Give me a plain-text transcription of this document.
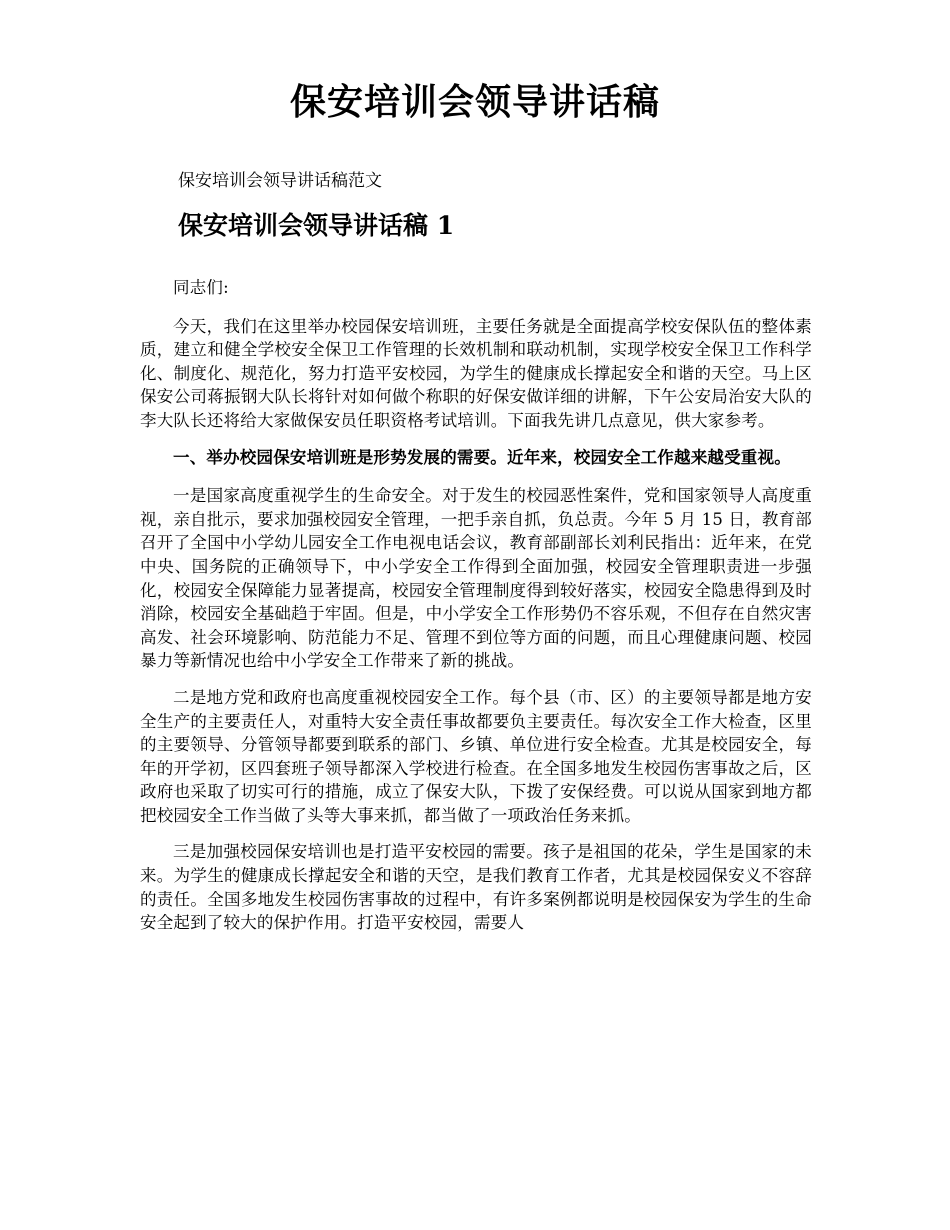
保安培训会领导讲话稿

保安培训会领导讲话稿范文

保安培训会领导讲话稿 1

同志们:

今天，我们在这里举办校园保安培训班，主要任务就是全面提高学校安保队伍的整体素质，建立和健全学校安全保卫工作管理的长效机制和联动机制，实现学校安全保卫工作科学化、制度化、规范化，努力打造平安校园，为学生的健康成长撑起安全和谐的天空。马上区保安公司蒋振钢大队长将针对如何做个称职的好保安做详细的讲解，下午公安局治安大队的李大队长还将给大家做保安员任职资格考试培训。下面我先讲几点意见，供大家参考。

一、举办校园保安培训班是形势发展的需要。近年来，校园安全工作越来越受重视。

一是国家高度重视学生的生命安全。对于发生的校园恶性案件，党和国家领导人高度重视，亲自批示，要求加强校园安全管理，一把手亲自抓，负总责。今年 5 月 15 日，教育部召开了全国中小学幼儿园安全工作电视电话会议，教育部副部长刘利民指出：近年来，在党中央、国务院的正确领导下，中小学安全工作得到全面加强，校园安全管理职责进一步强化，校园安全保障能力显著提高，校园安全管理制度得到较好落实，校园安全隐患得到及时消除，校园安全基础趋于牢固。但是，中小学安全工作形势仍不容乐观，不但存在自然灾害高发、社会环境影响、防范能力不足、管理不到位等方面的问题，而且心理健康问题、校园暴力等新情况也给中小学安全工作带来了新的挑战。

二是地方党和政府也高度重视校园安全工作。每个县（市、区）的主要领导都是地方安全生产的主要责任人，对重特大安全责任事故都要负主要责任。每次安全工作大检查，区里的主要领导、分管领导都要到联系的部门、乡镇、单位进行安全检查。尤其是校园安全，每年的开学初，区四套班子领导都深入学校进行检查。在全国多地发生校园伤害事故之后，区政府也采取了切实可行的措施，成立了保安大队，下拨了安保经费。可以说从国家到地方都把校园安全工作当做了头等大事来抓，都当做了一项政治任务来抓。

三是加强校园保安培训也是打造平安校园的需要。孩子是祖国的花朵，学生是国家的未来。为学生的健康成长撑起安全和谐的天空，是我们教育工作者，尤其是校园保安义不容辞的责任。全国多地发生校园伤害事故的过程中，有许多案例都说明是校园保安为学生的生命安全起到了较大的保护作用。打造平安校园，需要人
